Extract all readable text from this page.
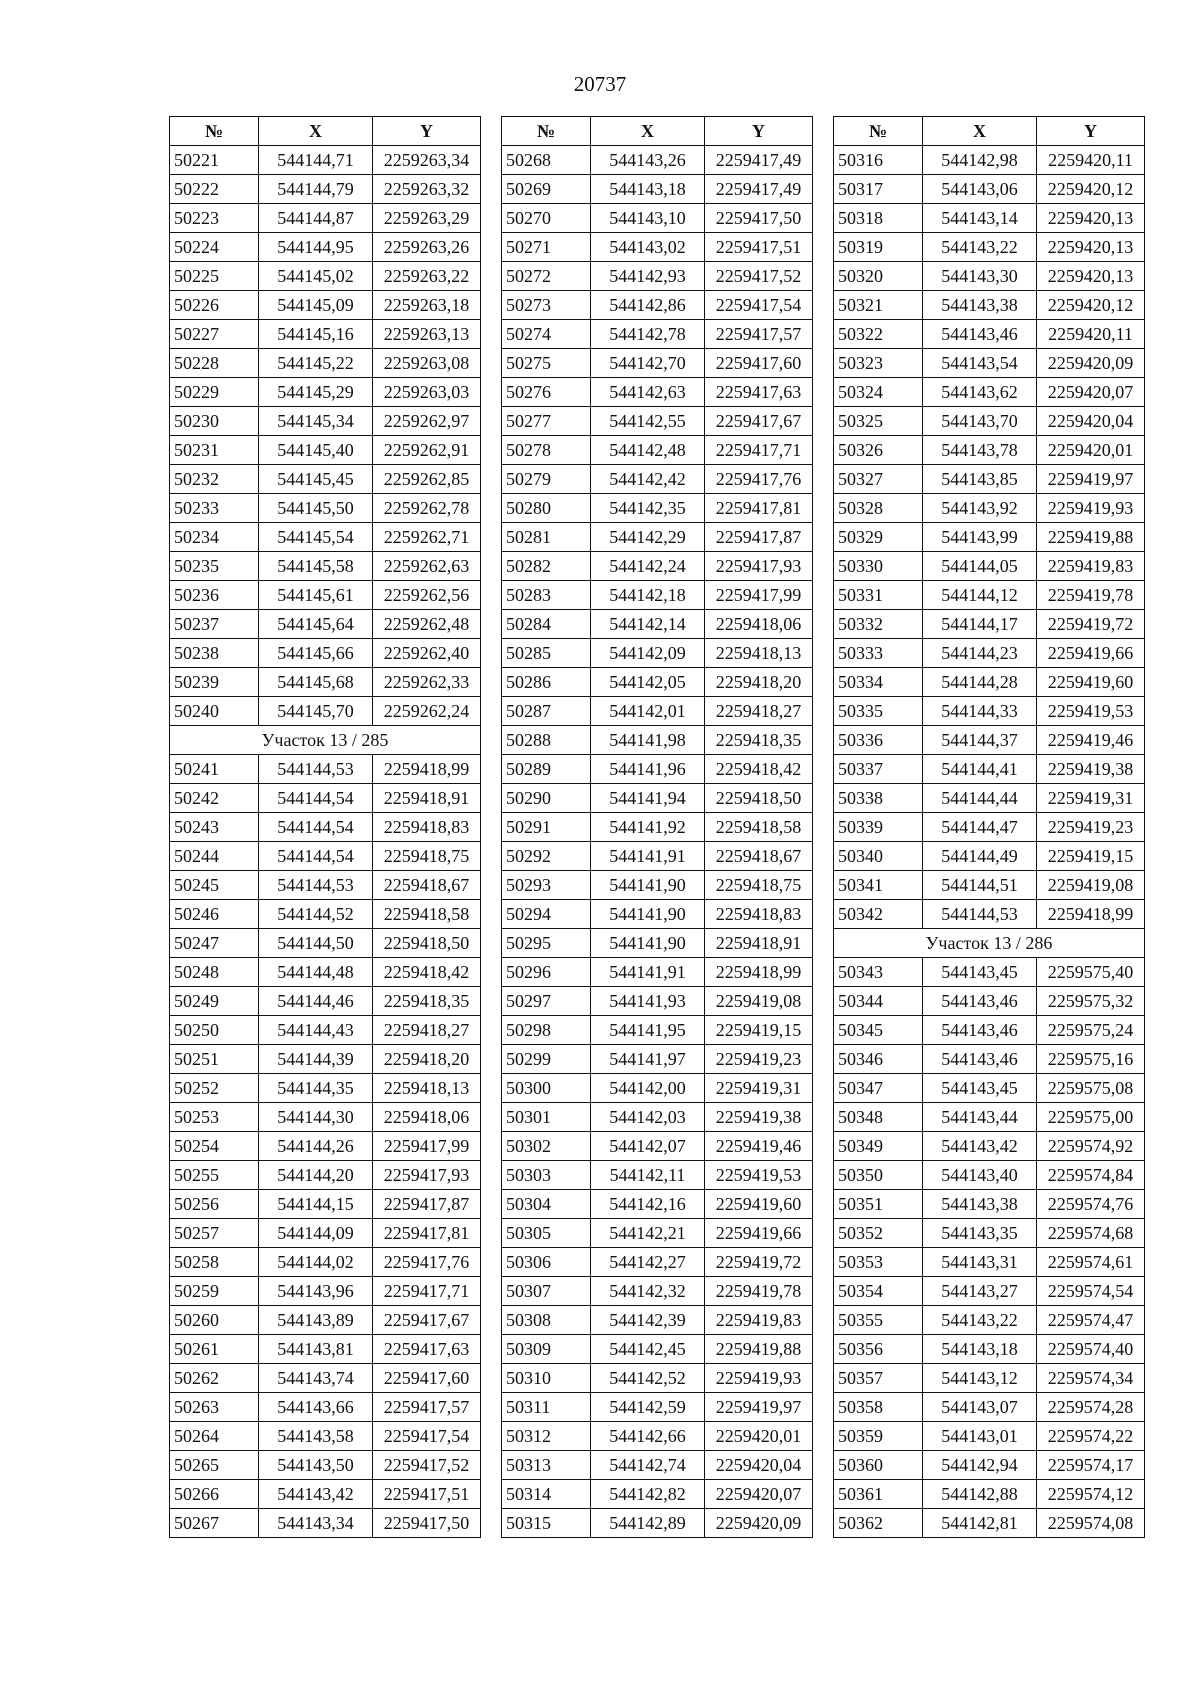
20737
№	X	Y
50221	544144,71	2259263,34
50222	544144,79	2259263,32
50223	544144,87	2259263,29
50224	544144,95	2259263,26
50225	544145,02	2259263,22
50226	544145,09	2259263,18
50227	544145,16	2259263,13
50228	544145,22	2259263,08
50229	544145,29	2259263,03
50230	544145,34	2259262,97
50231	544145,40	2259262,91
50232	544145,45	2259262,85
50233	544145,50	2259262,78
50234	544145,54	2259262,71
50235	544145,58	2259262,63
50236	544145,61	2259262,56
50237	544145,64	2259262,48
50238	544145,66	2259262,40
50239	544145,68	2259262,33
50240	544145,70	2259262,24
Участок 13 / 285		
50241	544144,53	2259418,99
50242	544144,54	2259418,91
50243	544144,54	2259418,83
50244	544144,54	2259418,75
50245	544144,53	2259418,67
50246	544144,52	2259418,58
50247	544144,50	2259418,50
50248	544144,48	2259418,42
50249	544144,46	2259418,35
50250	544144,43	2259418,27
50251	544144,39	2259418,20
50252	544144,35	2259418,13
50253	544144,30	2259418,06
50254	544144,26	2259417,99
50255	544144,20	2259417,93
50256	544144,15	2259417,87
50257	544144,09	2259417,81
50258	544144,02	2259417,76
50259	544143,96	2259417,71
50260	544143,89	2259417,67
50261	544143,81	2259417,63
50262	544143,74	2259417,60
50263	544143,66	2259417,57
50264	544143,58	2259417,54
50265	544143,50	2259417,52
50266	544143,42	2259417,51
50267	544143,34	2259417,50
№	X	Y
50268	544143,26	2259417,49
50269	544143,18	2259417,49
50270	544143,10	2259417,50
50271	544143,02	2259417,51
50272	544142,93	2259417,52
50273	544142,86	2259417,54
50274	544142,78	2259417,57
50275	544142,70	2259417,60
50276	544142,63	2259417,63
50277	544142,55	2259417,67
50278	544142,48	2259417,71
50279	544142,42	2259417,76
50280	544142,35	2259417,81
50281	544142,29	2259417,87
50282	544142,24	2259417,93
50283	544142,18	2259417,99
50284	544142,14	2259418,06
50285	544142,09	2259418,13
50286	544142,05	2259418,20
50287	544142,01	2259418,27
50288	544141,98	2259418,35
50289	544141,96	2259418,42
50290	544141,94	2259418,50
50291	544141,92	2259418,58
50292	544141,91	2259418,67
50293	544141,90	2259418,75
50294	544141,90	2259418,83
50295	544141,90	2259418,91
50296	544141,91	2259418,99
50297	544141,93	2259419,08
50298	544141,95	2259419,15
50299	544141,97	2259419,23
50300	544142,00	2259419,31
50301	544142,03	2259419,38
50302	544142,07	2259419,46
50303	544142,11	2259419,53
50304	544142,16	2259419,60
50305	544142,21	2259419,66
50306	544142,27	2259419,72
50307	544142,32	2259419,78
50308	544142,39	2259419,83
50309	544142,45	2259419,88
50310	544142,52	2259419,93
50311	544142,59	2259419,97
50312	544142,66	2259420,01
50313	544142,74	2259420,04
50314	544142,82	2259420,07
50315	544142,89	2259420,09
№	X	Y
50316	544142,98	2259420,11
50317	544143,06	2259420,12
50318	544143,14	2259420,13
50319	544143,22	2259420,13
50320	544143,30	2259420,13
50321	544143,38	2259420,12
50322	544143,46	2259420,11
50323	544143,54	2259420,09
50324	544143,62	2259420,07
50325	544143,70	2259420,04
50326	544143,78	2259420,01
50327	544143,85	2259419,97
50328	544143,92	2259419,93
50329	544143,99	2259419,88
50330	544144,05	2259419,83
50331	544144,12	2259419,78
50332	544144,17	2259419,72
50333	544144,23	2259419,66
50334	544144,28	2259419,60
50335	544144,33	2259419,53
50336	544144,37	2259419,46
50337	544144,41	2259419,38
50338	544144,44	2259419,31
50339	544144,47	2259419,23
50340	544144,49	2259419,15
50341	544144,51	2259419,08
50342	544144,53	2259418,99
Участок 13 / 286		
50343	544143,45	2259575,40
50344	544143,46	2259575,32
50345	544143,46	2259575,24
50346	544143,46	2259575,16
50347	544143,45	2259575,08
50348	544143,44	2259575,00
50349	544143,42	2259574,92
50350	544143,40	2259574,84
50351	544143,38	2259574,76
50352	544143,35	2259574,68
50353	544143,31	2259574,61
50354	544143,27	2259574,54
50355	544143,22	2259574,47
50356	544143,18	2259574,40
50357	544143,12	2259574,34
50358	544143,07	2259574,28
50359	544143,01	2259574,22
50360	544142,94	2259574,17
50361	544142,88	2259574,12
50362	544142,81	2259574,08
